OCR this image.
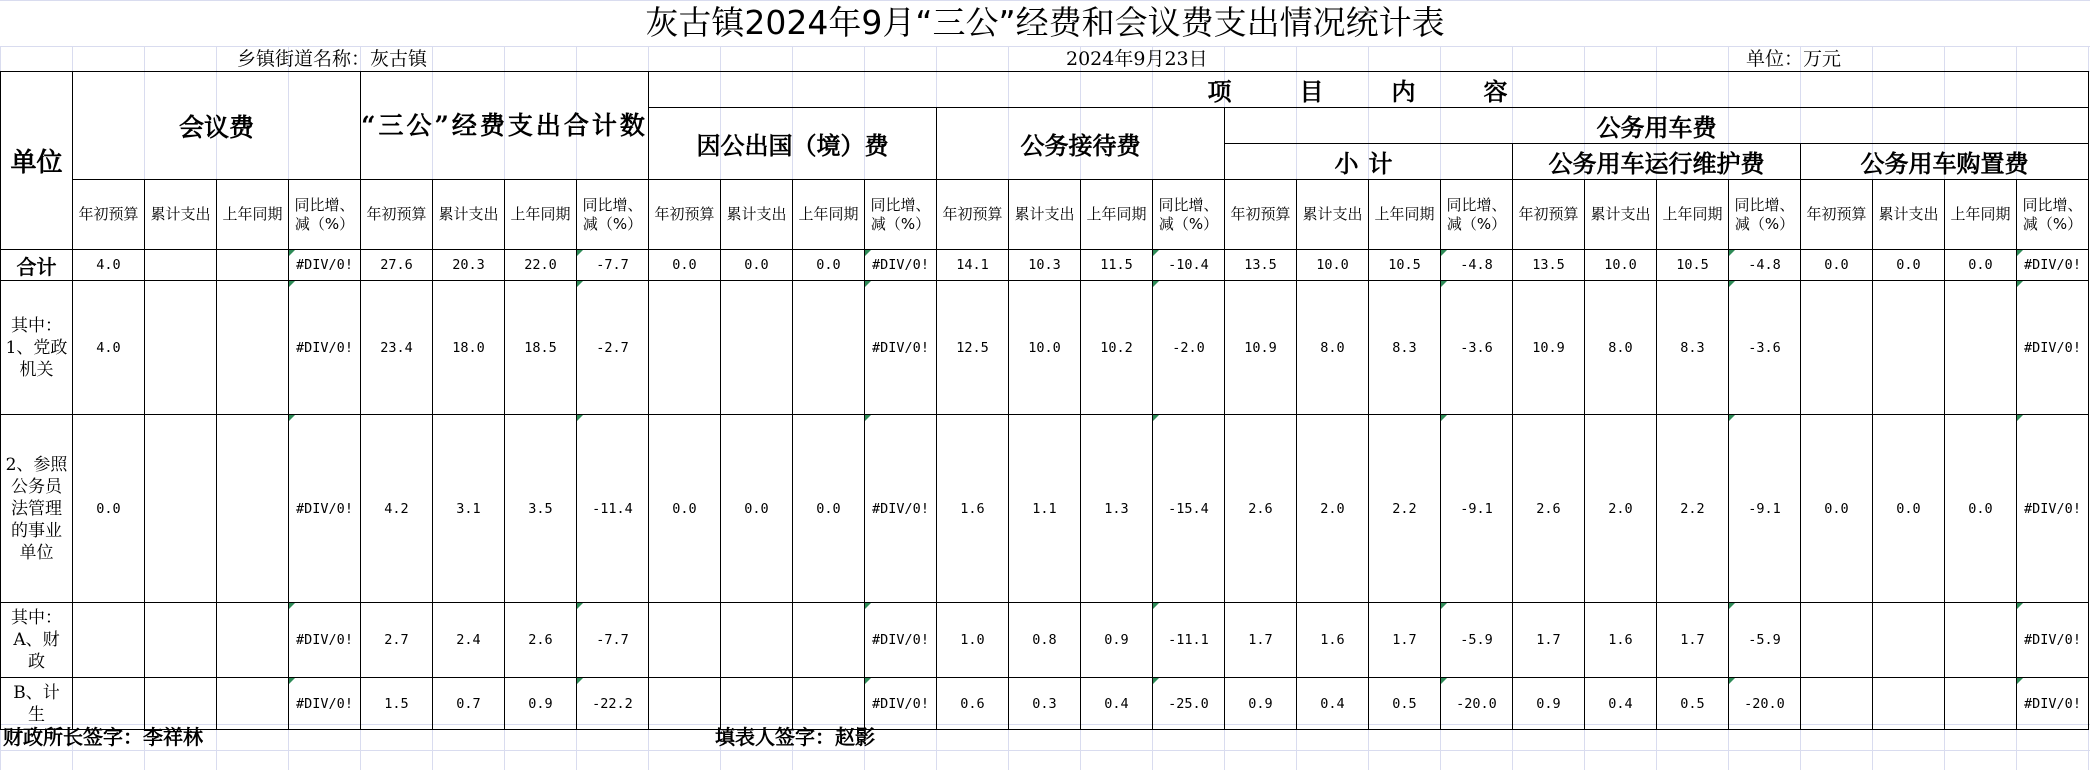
灰古镇2024年9月“三公”经费和会议费支出情况统计表
乡镇街道名称：灰古镇	2024年9月23日	单位：万元
单位	会议费				“三公”经费支出合计数				项　目　内　容																			
									因公出国（境）费				公务接待费				公务用车费											
																	小计				公务用车运行维护费				公务用车购置费			
	年初预算	累计支出	上年同期	同比增、减（%）	年初预算	累计支出	上年同期	同比增、减（%）	年初预算	累计支出	上年同期	同比增、减（%）	年初预算	累计支出	上年同期	同比增、减（%）	年初预算	累计支出	上年同期	同比增、减（%）	年初预算	累计支出	上年同期	同比增、减（%）	年初预算	累计支出	上年同期	同比增、减（%）
合计	4.0			#DIV/0!	27.6	20.3	22.0	-7.7	0.0	0.0	0.0	#DIV/0!	14.1	10.3	11.5	-10.4	13.5	10.0	10.5	-4.8	13.5	10.0	10.5	-4.8	0.0	0.0	0.0	#DIV/0!
其中：1、党政机关	4.0			#DIV/0!	23.4	18.0	18.5	-2.7				#DIV/0!	12.5	10.0	10.2	-2.0	10.9	8.0	8.3	-3.6	10.9	8.0	8.3	-3.6				#DIV/0!
2、参照公务员法管理的事业单位	0.0			#DIV/0!	4.2	3.1	3.5	-11.4	0.0	0.0	0.0	#DIV/0!	1.6	1.1	1.3	-15.4	2.6	2.0	2.2	-9.1	2.6	2.0	2.2	-9.1	0.0	0.0	0.0	#DIV/0!
其中：A、财政				#DIV/0!	2.7	2.4	2.6	-7.7				#DIV/0!	1.0	0.8	0.9	-11.1	1.7	1.6	1.7	-5.9	1.7	1.6	1.7	-5.9				#DIV/0!
B、计生				#DIV/0!	1.5	0.7	0.9	-22.2				#DIV/0!	0.6	0.3	0.4	-25.0	0.9	0.4	0.5	-20.0	0.9	0.4	0.5	-20.0				#DIV/0!
财政所长签字：李祥林	填表人签字：赵影
